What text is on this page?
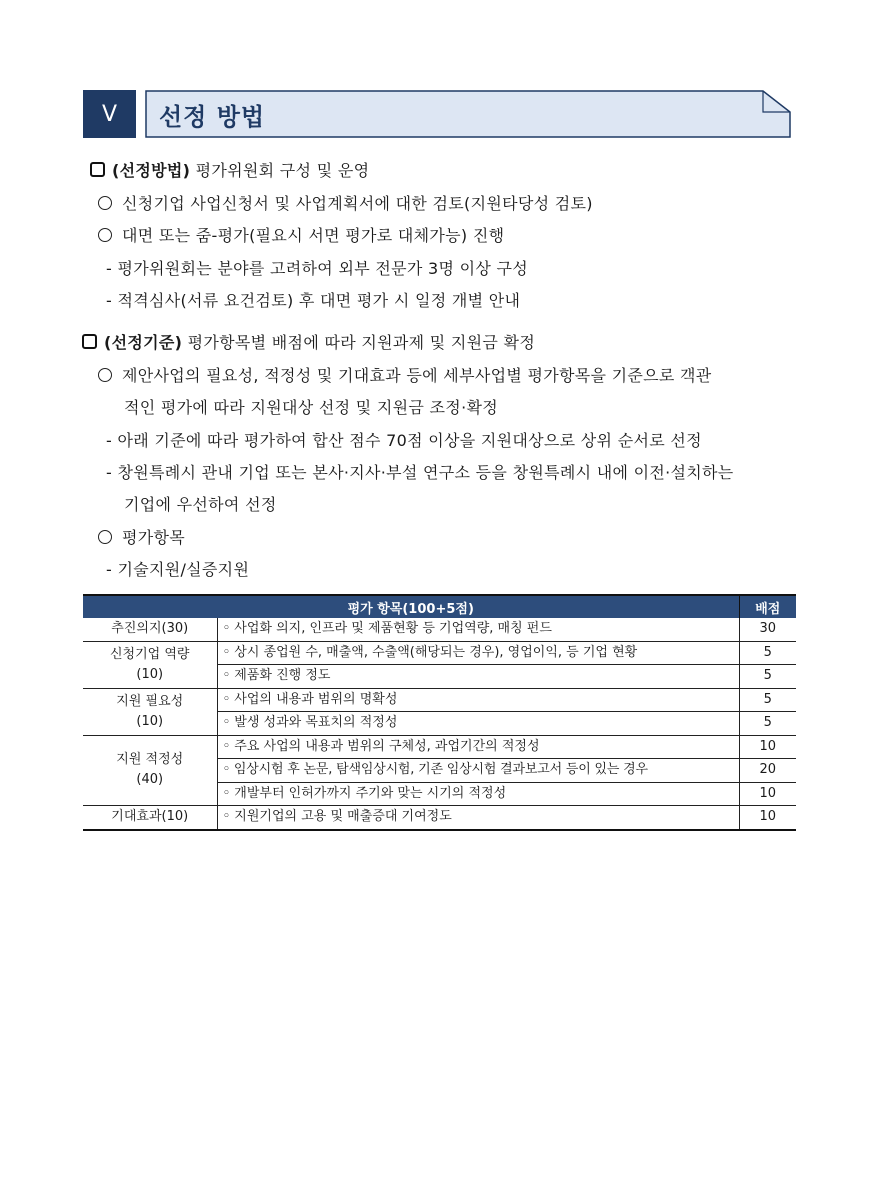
Ⅴ	선정 방법
(선정방법) 평가위원회 구성 및 운영
신청기업 사업신청서 및 사업계획서에 대한 검토(지원타당성 검토)
대면 또는 줌-평가(필요시 서면 평가로 대체가능) 진행
- 평가위원회는 분야를 고려하여 외부 전문가 3명 이상 구성
- 적격심사(서류 요건검토) 후 대면 평가 시 일정 개별 안내
(선정기준) 평가항목별 배점에 따라 지원과제 및 지원금 확정
제안사업의 필요성, 적정성 및 기대효과 등에 세부사업별 평가항목을 기준으로 객관
적인 평가에 따라 지원대상 선정 및 지원금 조정·확정
- 아래 기준에 따라 평가하여 합산 점수 70점 이상을 지원대상으로 상위 순서로 선정
- 창원특례시 관내 기업 또는 본사·지사·부설 연구소 등을 창원특례시 내에 이전·설치하는
기업에 우선하여 선정
평가항목
- 기술지원/실증지원
평가 항목(100+5점)		배점
추진의지(30)	◦ 사업화 의지, 인프라 및 제품현황 등 기업역량, 매칭 펀드	30

신청기업 역량
(10)	◦ 상시 종업원 수, 매출액, 수출액(해당되는 경우), 영업이익, 등 기업 현황	5
	◦ 제품화 진행 정도	5

지원 필요성
(10)	◦ 사업의 내용과 범위의 명확성	5
	◦ 발생 성과와 목표치의 적정성	5

지원 적정성
(40)	◦ 주요 사업의 내용과 범위의 구체성, 과업기간의 적정성	10
	◦ 임상시험 후 논문, 탐색임상시험, 기존 임상시험 결과보고서 등이 있는 경우	20
	◦ 개발부터 인허가까지 주기와 맞는 시기의 적정성	10
기대효과(10)	◦ 지원기업의 고용 및 매출증대 기여정도	10
